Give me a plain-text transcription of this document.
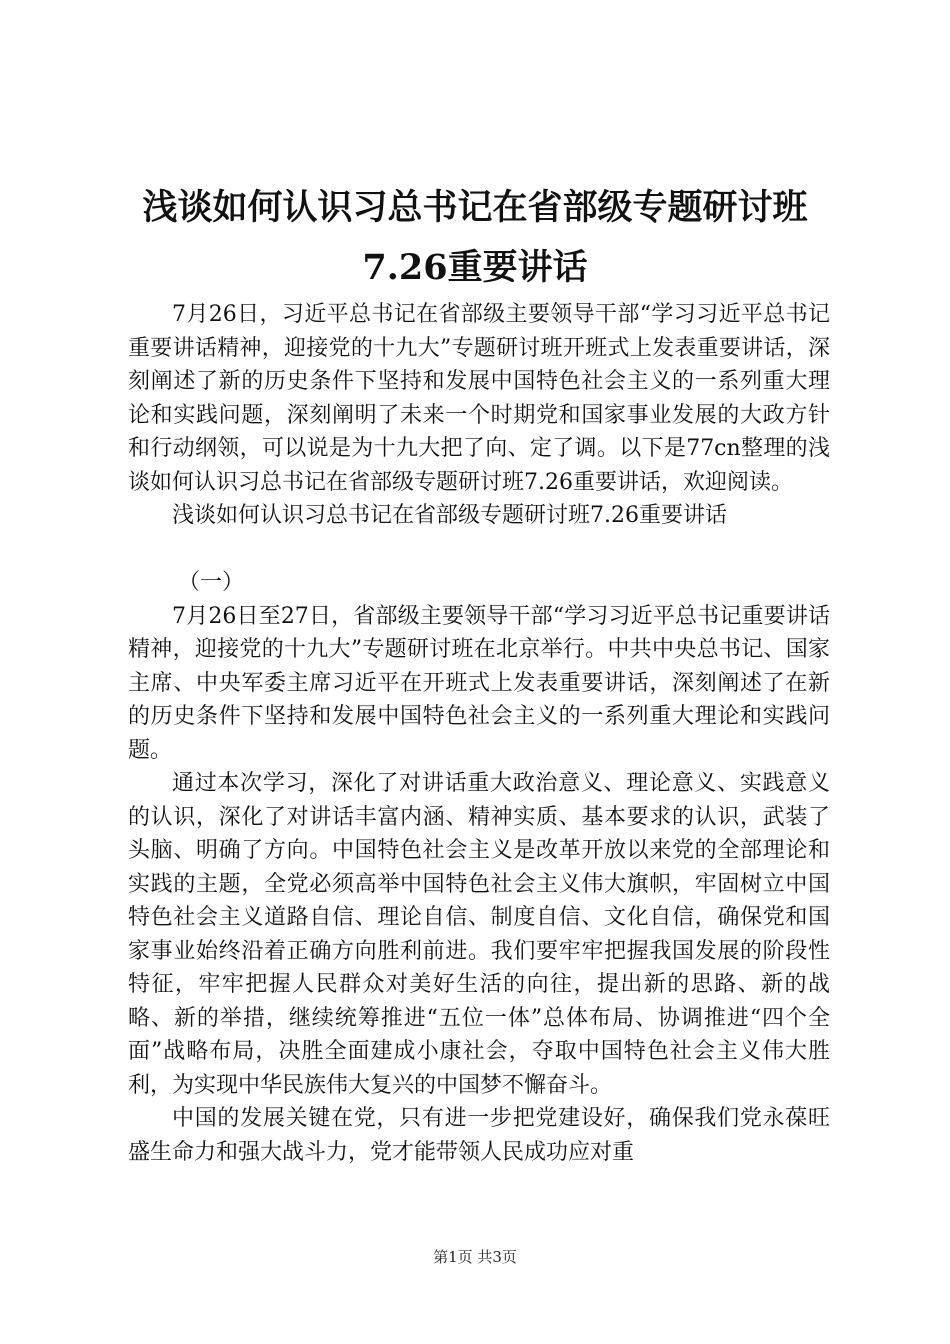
浅谈如何认识习总书记在省部级专题研讨班
7.26重要讲话

7月26日，习近平总书记在省部级主要领导干部“学习习近平总书记重要讲话精神，迎接党的十九大”专题研讨班开班式上发表重要讲话，深刻阐述了新的历史条件下坚持和发展中国特色社会主义的一系列重大理论和实践问题，深刻阐明了未来一个时期党和国家事业发展的大政方针和行动纲领，可以说是为十九大把了向、定了调。以下是77cn整理的浅谈如何认识习总书记在省部级专题研讨班7.26重要讲话，欢迎阅读。

浅谈如何认识习总书记在省部级专题研讨班7.26重要讲话

（一）

7月26日至27日，省部级主要领导干部“学习习近平总书记重要讲话精神，迎接党的十九大”专题研讨班在北京举行。中共中央总书记、国家主席、中央军委主席习近平在开班式上发表重要讲话，深刻阐述了在新的历史条件下坚持和发展中国特色社会主义的一系列重大理论和实践问题。

通过本次学习，深化了对讲话重大政治意义、理论意义、实践意义的认识，深化了对讲话丰富内涵、精神实质、基本要求的认识，武装了头脑、明确了方向。中国特色社会主义是改革开放以来党的全部理论和实践的主题，全党必须高举中国特色社会主义伟大旗帜，牢固树立中国特色社会主义道路自信、理论自信、制度自信、文化自信，确保党和国家事业始终沿着正确方向胜利前进。我们要牢牢把握我国发展的阶段性特征，牢牢把握人民群众对美好生活的向往，提出新的思路、新的战略、新的举措，继续统筹推进“五位一体”总体布局、协调推进“四个全面”战略布局，决胜全面建成小康社会，夺取中国特色社会主义伟大胜利，为实现中华民族伟大复兴的中国梦不懈奋斗。

中国的发展关键在党，只有进一步把党建设好，确保我们党永葆旺盛生命力和强大战斗力，党才能带领人民成功应对重

第1页 共3页
